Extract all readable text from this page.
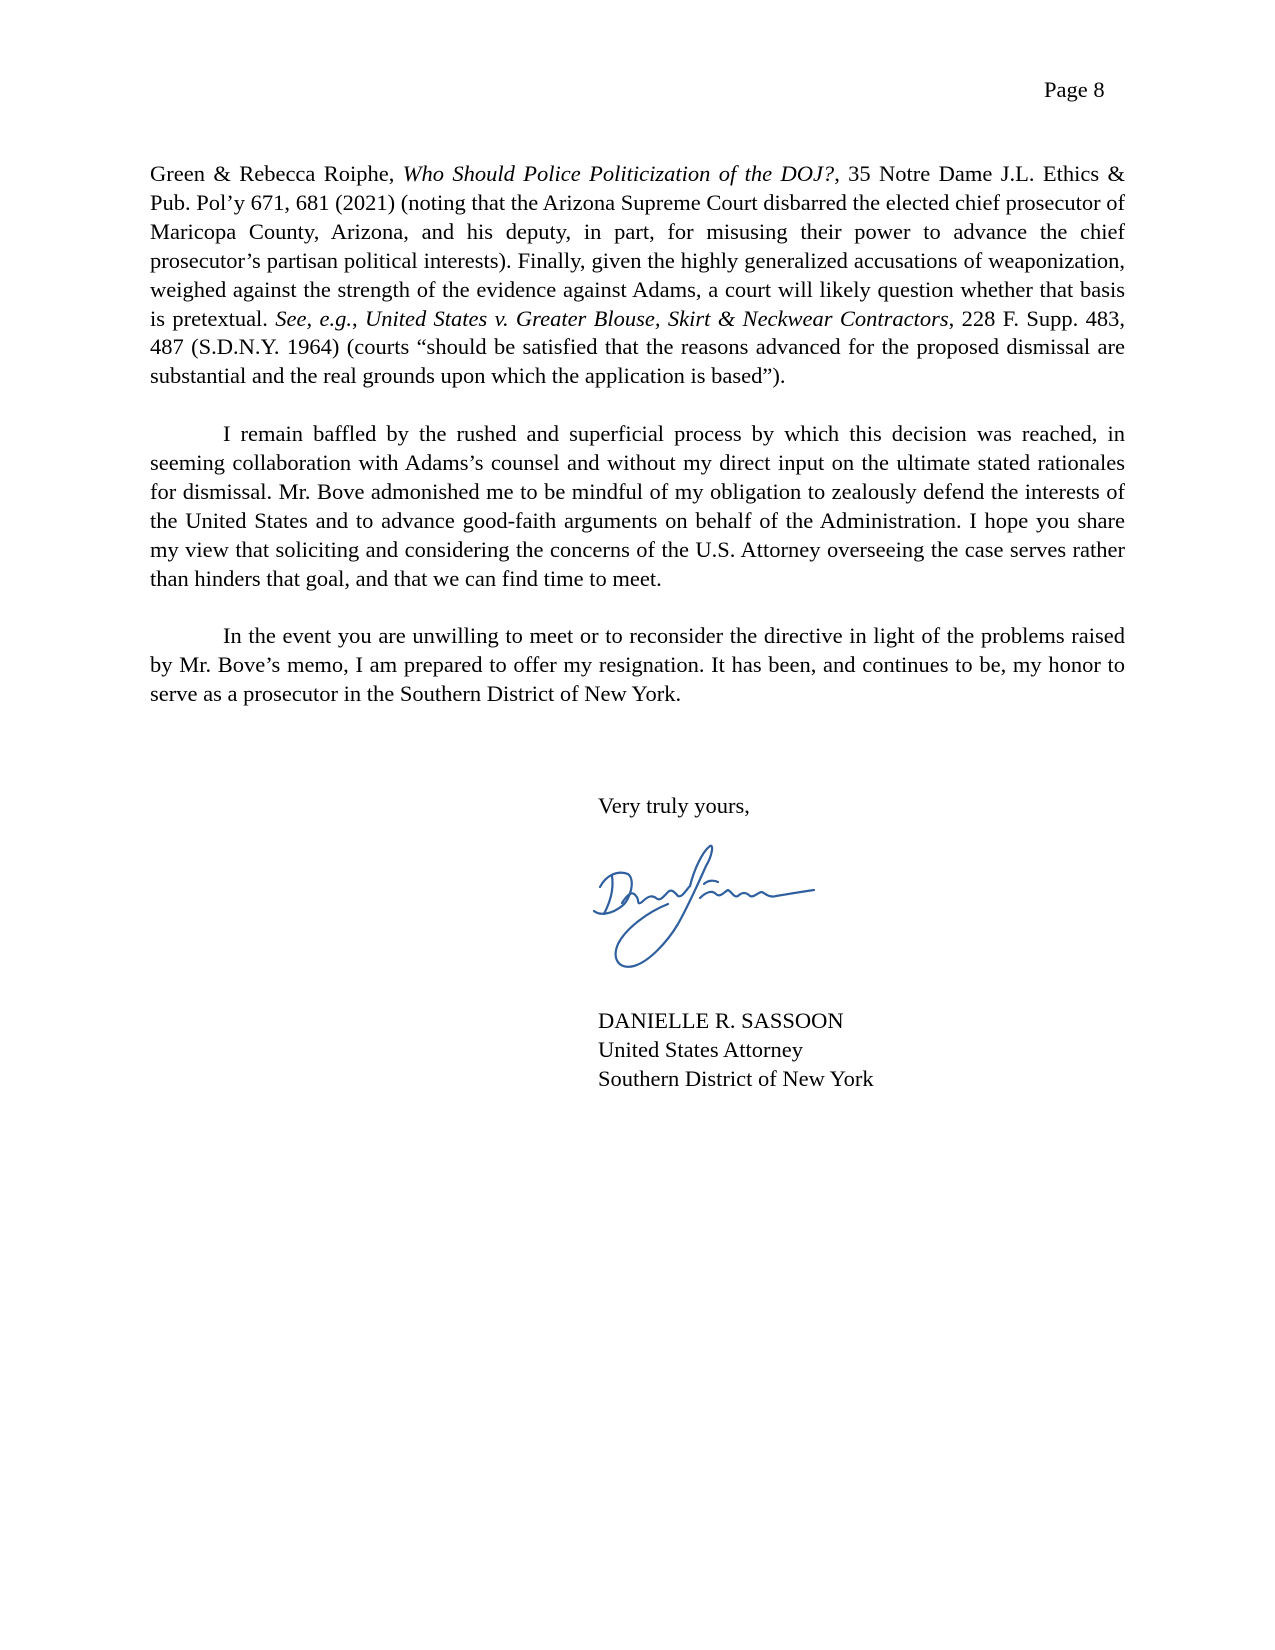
Page 8

Green & Rebecca Roiphe, Who Should Police Politicization of the DOJ?, 35 Notre Dame J.L. Ethics & Pub. Pol’y 671, 681 (2021) (noting that the Arizona Supreme Court disbarred the elected chief prosecutor of Maricopa County, Arizona, and his deputy, in part, for misusing their power to advance the chief prosecutor’s partisan political interests). Finally, given the highly generalized accusations of weaponization, weighed against the strength of the evidence against Adams, a court will likely question whether that basis is pretextual. See, e.g., United States v. Greater Blouse, Skirt & Neckwear Contractors, 228 F. Supp. 483, 487 (S.D.N.Y. 1964) (courts “should be satisfied that the reasons advanced for the proposed dismissal are substantial and the real grounds upon which the application is based”).

I remain baffled by the rushed and superficial process by which this decision was reached, in seeming collaboration with Adams’s counsel and without my direct input on the ultimate stated rationales for dismissal. Mr. Bove admonished me to be mindful of my obligation to zealously defend the interests of the United States and to advance good-faith arguments on behalf of the Administration. I hope you share my view that soliciting and considering the concerns of the U.S. Attorney overseeing the case serves rather than hinders that goal, and that we can find time to meet.

In the event you are unwilling to meet or to reconsider the directive in light of the problems raised by Mr. Bove’s memo, I am prepared to offer my resignation. It has been, and continues to be, my honor to serve as a prosecutor in the Southern District of New York.

Very truly yours,
DANIELLE R. SASSOON
United States Attorney
Southern District of New York
